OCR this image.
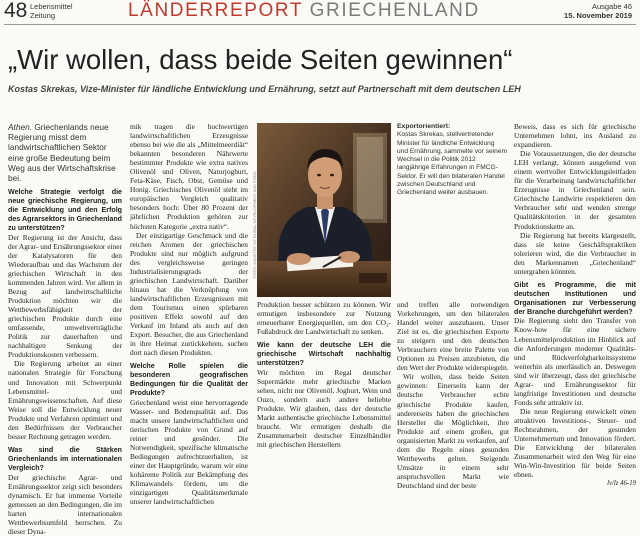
48 Lebensmittel
Zeitung	LÄNDERREPORT GRIECHENLAND	Ausgabe 46
15. November 2019
„Wir wollen, dass beide Seiten gewinnen“
Kostas Skrekas, Vize-Minister für ländliche Entwicklung und Ernährung, setzt auf Partnerschaft mit dem deutschen LEH

Athen. Griechenlands neue Regierung misst dem landwirtschaftlichen Sektor eine große Bedeutung beim Weg aus der Wirtschaftskrise bei.

Welche Strategie verfolgt die neue griechische Regierung, um die Entwicklung und den Erfolg des Agrarsektors in Griechenland zu unterstützen?

Der Regierung ist der Ansicht, dass der Agrar- und Ernährungssektor einer der Katalysatoren für den Wiederaufbau und das Wachstum der griechischen Wirtschaft in den kommenden Jahren wird. Vor allem in Bezug auf landwirtschaftliche Produktion möchten wir die Wettbewerbsfähigkeit der griechischen Produkte durch eine umfassende, umweltverträgliche Politik zur dauerhaften und nachhaltigen Senkung der Produktionskosten verbessern.

Die Regierung arbeitet an einer nationalen Strategie für Forschung und Innovation mit Schwerpunkt Lebensmittel- und Ernährungswissenschaften. Auf diese Weise soll die Entwicklung neuer Produkte und Verfahren optimiert und den Bedürfnissen der Verbraucher besser Rechnung getragen werden.

Was sind die Stärken Griechenlands im internationalen Vergleich?

Der griechische Agrar- und Ernährungssektor zeigt sich besonders dynamisch. Er hat immense Vorteile gemessen an den Bedingungen, die im harten internationalen Wettbewerbsumfeld herrschen. Zu dieser Dyna-

mik tragen die hochwertigen landwirtschaftlichen Erzeugnisse ebenso bei wie die als „Mittelmeerdiät“ bekannten besonderen Nährwerte bestimmter Produkte wie extra natives Olivenöl und Oliven, Naturjoghurt, Feta-Käse, Fisch, Obst, Gemüse und Honig. Griechisches Olivenöl steht im europäischen Vergleich qualitativ besonders hoch: Über 80 Prozent der jährlichen Produktion gehören zur höchsten Kategorie „extra nativ“.

Der einzigartige Geschmack und die reichen Aromen der griechischen Produkte sind nur möglich aufgrund des vergleichsweise geringen Industrialisierungsgrads der griechischen Landwirtschaft. Darüber hinaus hat die Verknüpfung von landwirtschaftlichen Erzeugnissen mit dem Tourismus einen spürbaren positiven Effekt sowohl auf den Verkauf im Inland als auch auf den Export. Besucher, die aus Griechenland in ihre Heimat zurückkehren, suchen dort nach diesen Produkten.

Welche Rolle spielen die besonderen geografischen Bedingungen für die Qualität der Produkte?

Griechenland weist eine hervorragende Wasser- und Bodenqualität auf. Das macht unsere landwirtschaftlichen und tierischen Produkte von Grund auf reiner und gesünder. Die Notwendigkeit, spezifische klimatische Bedingungen aufrechtzuerhalten, ist einer der Hauptgründe, warum wir eine kohärente Politik zur Bekämpfung des Klimawandels fördern, um die einzigartigen Qualitätsmerkmale unserer landwirtschaftlichen

FOTO: MINISTRY OF RURAL DEVELOPMENT AND FOOD
Exportorientiert:
Kostas Skrekas, stellvertretender Minister für ländliche Entwicklung und Ernährung, sammelte vor seinem Wechsel in die Politik 2012 langjährige Erfahrungen in FMCG-Sektor. Er will den bilateralen Handel zwischen Deutschland und Griechenland weiter ausbauen.

Produktion besser schützen zu können. Wir ermutigen insbesondere zur Nutzung erneuerbarer Energiequellen, um den CO₂-Fußabdruck der Landwirtschaft zu senken.

Wie kann der deutsche LEH die griechische Wirtschaft nachhaltig unterstützen?

Wir möchten im Regal deutscher Supermärkte mehr griechische Marken sehen, nicht nur Olivenöl, Joghurt, Wein und Ouzo, sondern auch andere beliebte Produkte. Wir glauben, dass der deutsche Markt authentische griechische Lebensmittel braucht. Wir ermutigen deshalb die Zusammenarbeit deutscher Einzelhändler mit griechischen Herstellern

und treffen alle notwendigen Vorkehrungen, um den bilateralen Handel weiter auszubauen. Unser Ziel ist es, die griechischen Exporte zu steigern und den deutschen Verbrauchern eine breite Palette von Optionen zu Preisen anzubieten, die den Wert der Produkte widerspiegeln.

Wir wollen, dass beide Seiten gewinnen: Einerseits kann der deutsche Verbraucher echte griechische Produkte kaufen, andererseits haben die griechischen Hersteller die Möglichkeit, ihre Produkte auf einem großen, gut organisierten Markt zu verkaufen, auf dem die Regeln eines gesunden Wettbewerbs gelten. Steigende Umsätze in einem sehr anspruchsvollen Markt wie Deutschland sind der beste

Beweis, dass es sich für griechische Unternehmen lohnt, ins Ausland zu expandieren.

Die Voraussetzungen, die der deutsche LEH verlangt, können ausgehend von einem wertvoller Entwicklungsleitfaden für die Verarbeitung landwirtschaftlicher Erzeugnisse in Griechenland sein. Griechische Landwirte respektieren den Verbraucher sehr und wenden strenge Qualitätskriterien in der gesamten Produktionskette an.

Die Regierung hat bereits klargestellt, dass sie keine Geschäftspraktiken tolerieren wird, die die Verbraucher in den Markennamen „Griechenland“ untergraben könnten.

Gibt es Programme, die mit deutschen Institutionen und Organisationen zur Verbesserung der Branche durchgeführt werden?

Die Regierung sieht den Transfer von Know-how für eine sichere Lebensmittelproduktion im Hinblick auf die Anforderungen moderner Qualitäts- und Rückverfolgbarkeitssysteme weiterhin als unerlässlich an. Deswegen sind wir überzeugt, dass der griechische Agrar- und Ernährungssektor für langfristige Investitionen und deutsche Fonds sehr attraktiv ist.

Die neue Regierung entwickelt einen attraktiven Investitions-, Steuer- und Rechtsrahmen, der gesunden Unternehmertum und Innovation fördert. Die Entwicklung der bilateralen Zusammenarbeit wird den Weg für eine Win-Win-Investition für beide Seiten ebnen.

lv/lz 46-19
